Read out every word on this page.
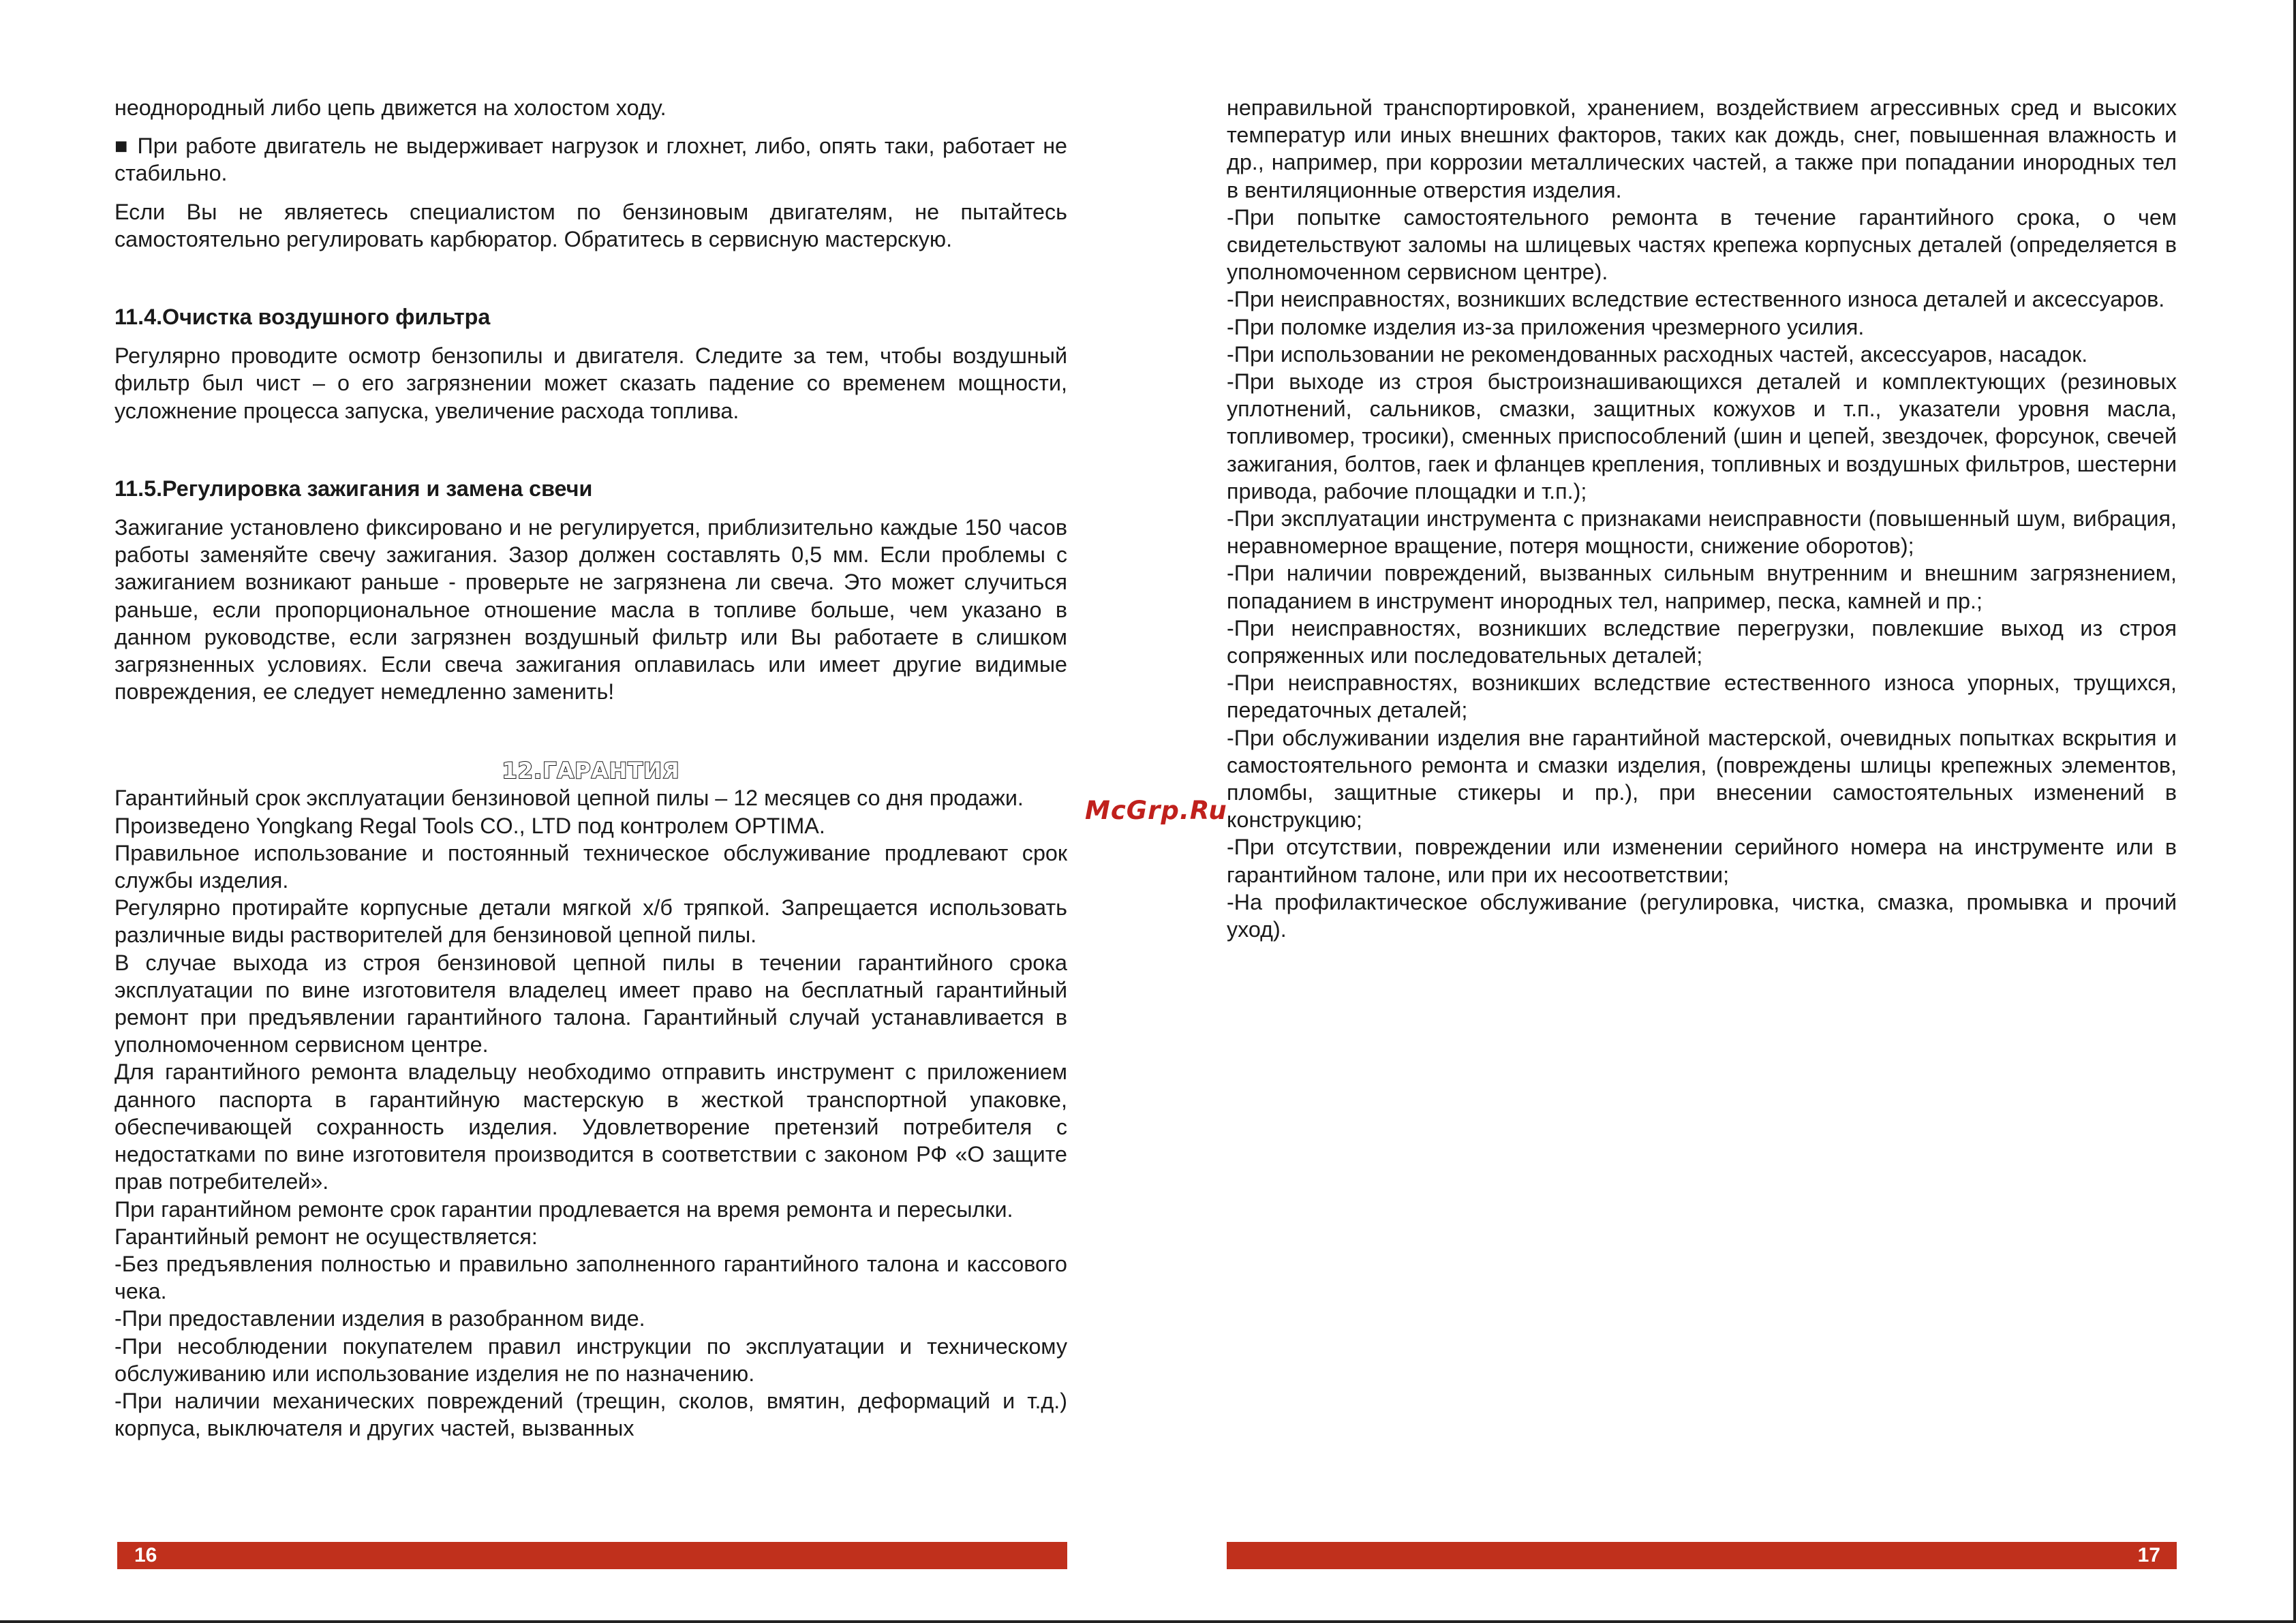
неоднородный либо цепь движется на холостом ходу.

■ При работе двигатель не выдерживает нагрузок и глохнет, либо, опять таки, работает не стабильно.

Если Вы не являетесь специалистом по бензиновым двигателям, не пытайтесь самостоятельно регулировать карбюратор. Обратитесь в сервисную мастерскую.

11.4.Очистка воздушного фильтра

Регулярно проводите осмотр бензопилы и двигателя. Следите за тем, чтобы воздушный фильтр был чист – о его загрязнении может сказать падение со временем мощности, усложнение процесса запуска, увеличение расхода топлива.

11.5.Регулировка зажигания и замена свечи

Зажигание установлено фиксировано и не регулируется, приблизительно каждые 150 часов работы заменяйте свечу зажигания. Зазор должен составлять 0,5 мм. Если проблемы с зажиганием возникают раньше - проверьте не загрязнена ли свеча. Это может случиться раньше, если пропорциональное отношение масла в топливе больше, чем указано в данном руководстве, если загрязнен воздушный фильтр или Вы работаете в слишком загрязненных условиях. Если свеча зажигания оплавилась или имеет другие видимые повреждения, ее следует немедленно заменить!

12.ГАРАНТИЯ

Гарантийный срок эксплуатации бензиновой цепной пилы – 12 месяцев со дня продажи.

Произведено Yongkang Regal Tools CO., LTD под контролем OPTIMA.

Правильное использование и постоянный техническое обслуживание продлевают срок службы изделия.

Регулярно протирайте корпусные детали мягкой х/б тряпкой. Запрещается использовать различные виды растворителей для бензиновой цепной пилы.

В случае выхода из строя бензиновой цепной пилы в течении гарантийного срока эксплуатации по вине изготовителя владелец имеет право на бесплатный гарантийный ремонт при предъявлении гарантийного талона. Гарантийный случай устанавливается в уполномоченном сервисном центре.

Для гарантийного ремонта владельцу необходимо отправить инструмент с приложением данного паспорта в гарантийную мастерскую в жесткой транспортной упаковке, обеспечивающей сохранность изделия. Удовлетворение претензий потребителя с недостатками по вине изготовителя производится в соответствии с законом РФ «О защите прав потребителей».

При гарантийном ремонте срок гарантии продлевается на время ремонта и пересылки.

Гарантийный ремонт не осуществляется:

-Без предъявления полностью и правильно заполненного гарантийного талона и кассового чека.

-При предоставлении изделия в разобранном виде.

-При несоблюдении покупателем правил инструкции по эксплуатации и техническому обслуживанию или использование изделия не по назначению.

-При наличии механических повреждений (трещин, сколов, вмятин, деформаций и т.д.) корпуса, выключателя и других частей, вызванных

McGrp.Ru

неправильной транспортировкой, хранением, воздействием агрессивных сред и высоких температур или иных внешних факторов, таких как дождь, снег, повышенная влажность и др., например, при коррозии металлических частей, а также при попадании инородных тел в вентиляционные отверстия изделия.

-При попытке самостоятельного ремонта в течение гарантийного срока, о чем свидетельствуют заломы на шлицевых частях крепежа корпусных деталей (определяется в уполномоченном сервисном центре).

-При неисправностях, возникших вследствие естественного износа деталей и аксессуаров.

-При поломке изделия из-за приложения чрезмерного усилия.

-При использовании не рекомендованных расходных частей, аксессуаров, насадок.

-При выходе из строя быстроизнашивающихся деталей и комплектующих (резиновых уплотнений, сальников, смазки, защитных кожухов и т.п., указатели уровня масла, топливомер, тросики), сменных приспособлений (шин и цепей, звездочек, форсунок, свечей зажигания, болтов, гаек и фланцев крепления, топливных и воздушных фильтров, шестерни привода, рабочие площадки и т.п.);

-При эксплуатации инструмента с признаками неисправности (повышенный шум, вибрация, неравномерное вращение, потеря мощности, снижение оборотов);

-При наличии повреждений, вызванных сильным внутренним и внешним загрязнением, попаданием в инструмент инородных тел, например, песка, камней и пр.;

-При неисправностях, возникших вследствие перегрузки, повлекшие выход из строя сопряженных или последовательных деталей;

-При неисправностях, возникших вследствие естественного износа упорных, трущихся, передаточных деталей;

-При обслуживании изделия вне гарантийной мастерской, очевидных попытках вскрытия и самостоятельного ремонта и смазки изделия, (повреждены шлицы крепежных элементов, пломбы, защитные стикеры и пр.), при внесении самостоятельных изменений в конструкцию;

-При отсутствии, повреждении или изменении серийного номера на инструменте или в гарантийном талоне, или при их несоответствии;

-На профилактическое обслуживание (регулировка, чистка, смазка, промывка и прочий уход).

16	17
